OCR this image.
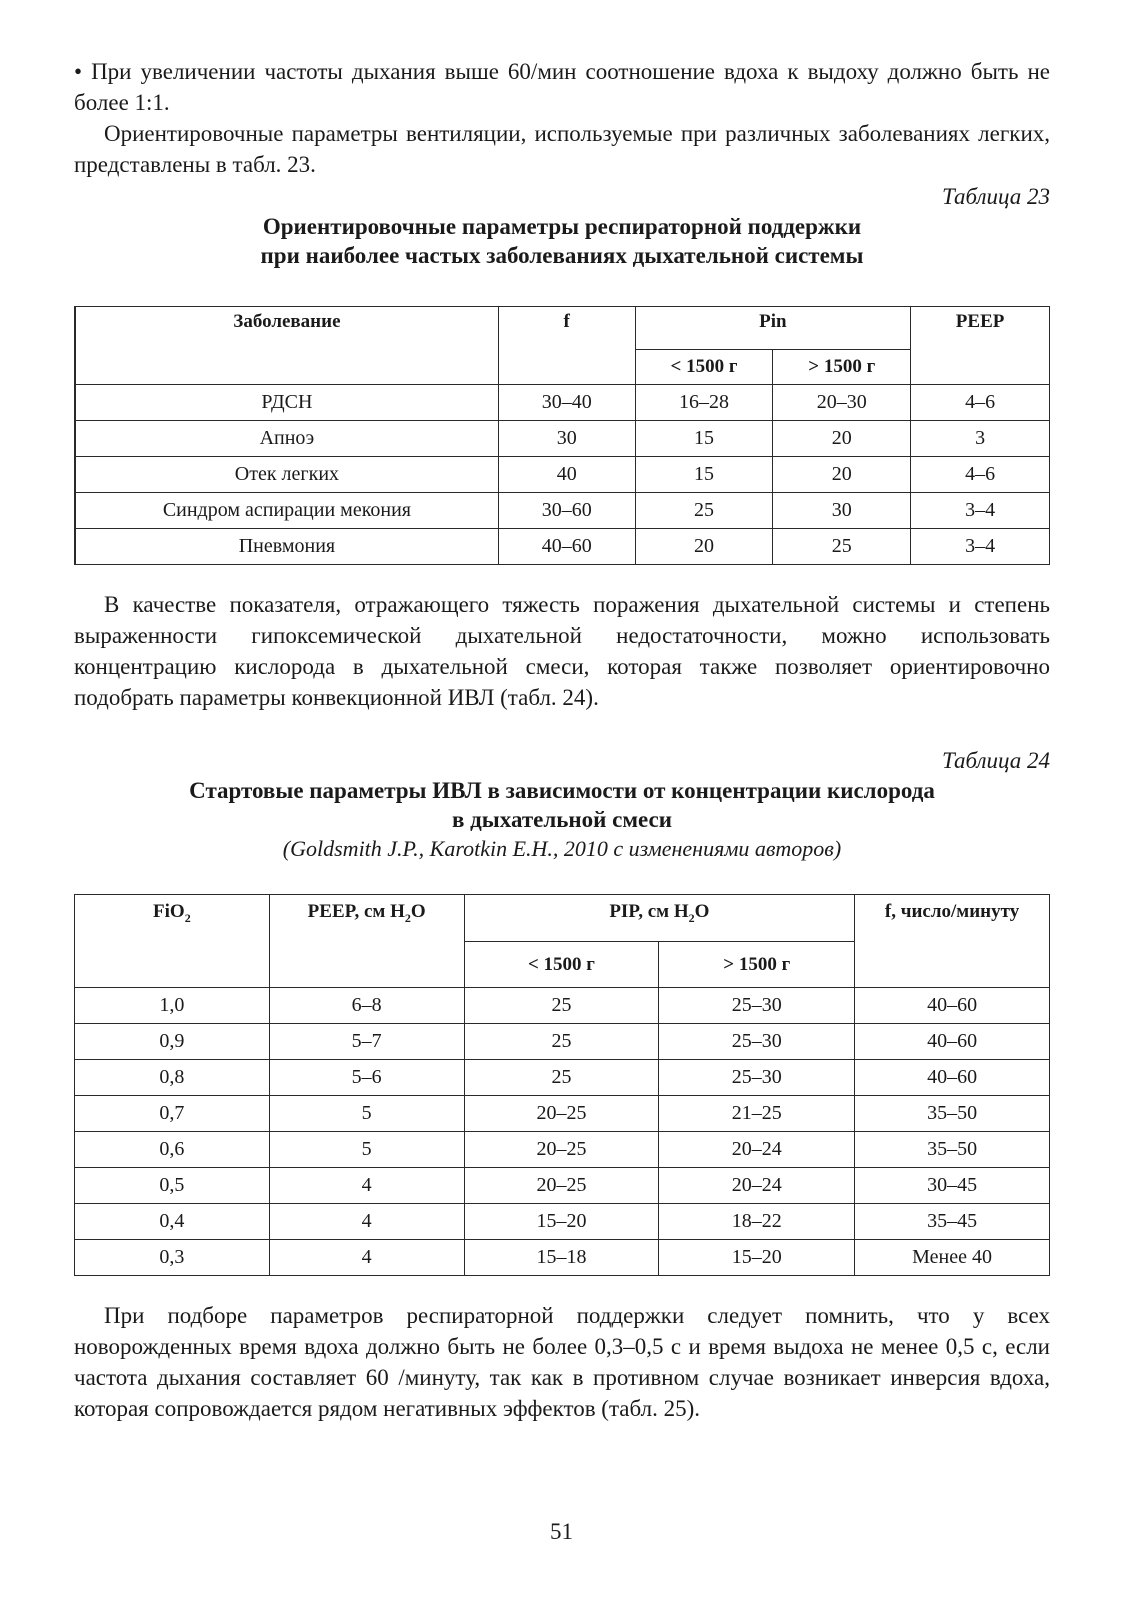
• При увеличении частоты дыхания выше 60/мин соотношение вдоха к выдоху должно быть не более 1:1.

Ориентировочные параметры вентиляции, используемые при различных заболеваниях легких, представлены в табл. 23.

Таблица 23

Ориентировочные параметры респираторной поддержки

при наиболее частых заболеваниях дыхательной системы

Заболевание	f	Pin		PEEP
		< 1500 г	> 1500 г	
РДСН	30–40	16–28	20–30	4–6
Апноэ	30	15	20	3
Отек легких	40	15	20	4–6
Синдром аспирации мекония	30–60	25	30	3–4
Пневмония	40–60	20	25	3–4

В качестве показателя, отражающего тяжесть поражения дыхательной системы и степень выраженности гипоксемической дыхательной недостаточности, можно использовать концентрацию кислорода в дыхательной смеси, которая также позволяет ориентировочно подобрать параметры конвекционной ИВЛ (табл. 24).

Таблица 24

Стартовые параметры ИВЛ в зависимости от концентрации кислорода

в дыхательной смеси

(Goldsmith J.P., Karotkin E.H., 2010 с изменениями авторов)

FiO$_2$	PEEP, см $H_2O$	PIP, см $H_2O$		f, число/минуту
		< 1500 г	> 1500 г	
1,0	6–8	25	25–30	40–60
0,9	5–7	25	25–30	40–60
0,8	5–6	25	25–30	40–60
0,7	5	20–25	21–25	35–50
0,6	5	20–25	20–24	35–50
0,5	4	20–25	20–24	30–45
0,4	4	15–20	18–22	35–45
0,3	4	15–18	15–20	Менее 40

При подборе параметров респираторной поддержки следует помнить, что у всех новорожденных время вдоха должно быть не более 0,3–0,5 с и время выдоха не менее 0,5 с, если частота дыхания составляет 60 /минуту, так как в противном случае возникает инверсия вдоха, которая сопровождается рядом негативных эффектов (табл. 25).

51
